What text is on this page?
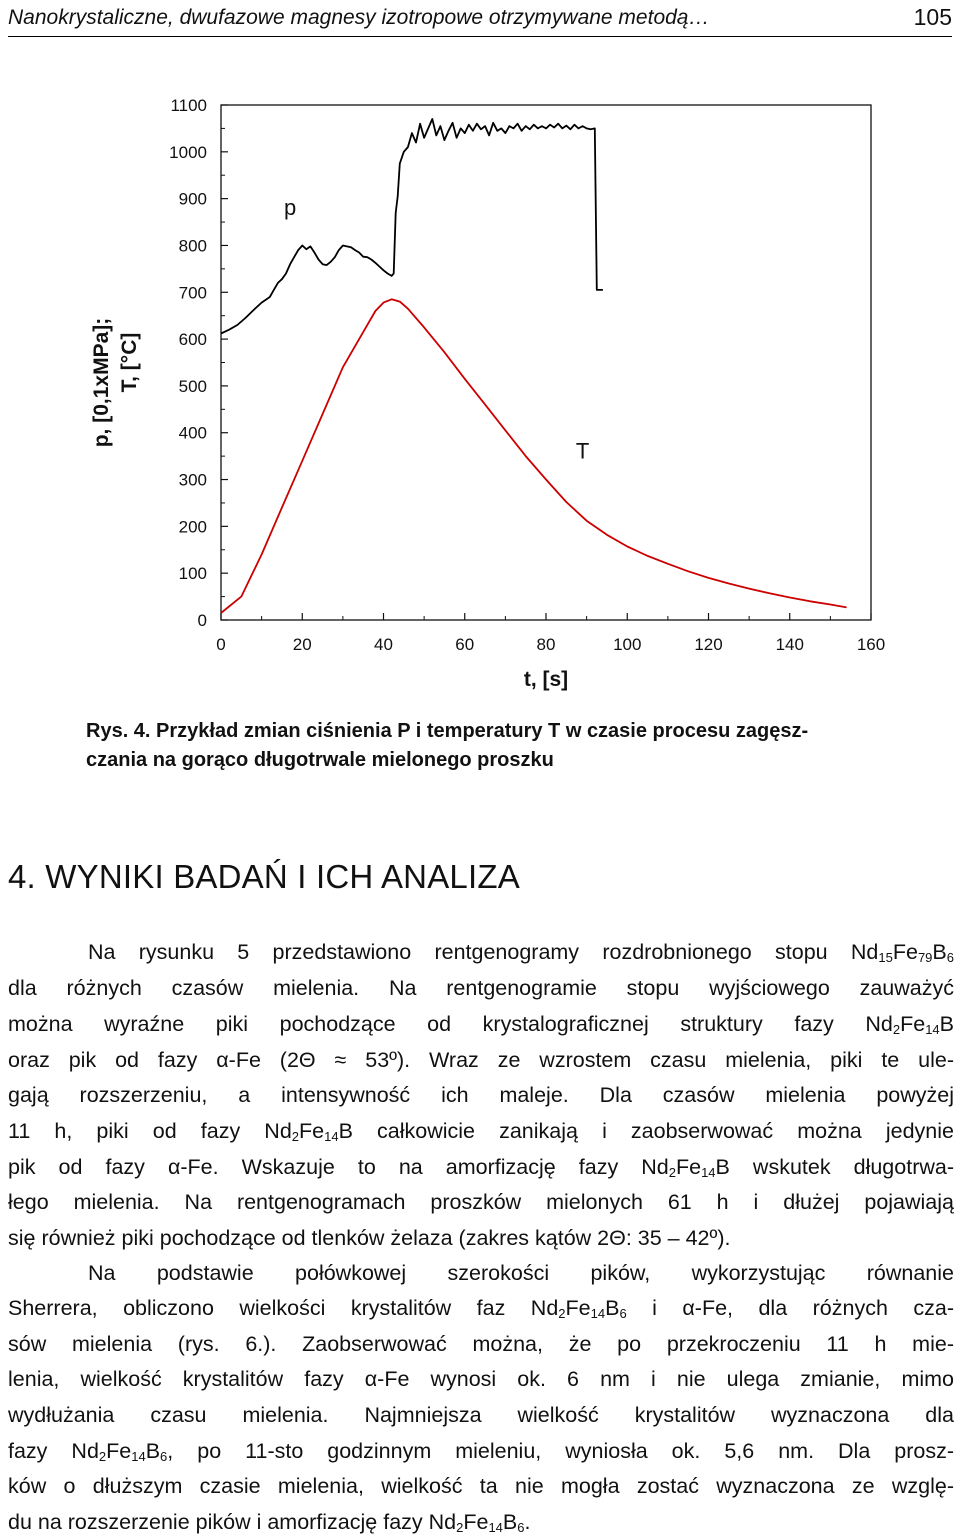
Nanokrystaliczne, dwufazowe magnesy izotropowe otrzymywane metodą…	105
0
100
200
300
400
500
600
700
800
900
1000
1100
0	20	40	60	80	100	120	140	160
p
T
t, [s]
p, [0,1xMPa]; T, [°C]
Rys. 4. Przykład zmian ciśnienia P i temperatury T w czasie procesu zagęsz-
czania na gorąco długotrwale mielonego proszku
4. WYNIKI BADAŃ I ICH ANALIZA
Na rysunku 5 przedstawiono rentgenogramy rozdrobnionego stopu $Nd_{15}Fe_{79}B_6$
dla różnych czasów mielenia. Na rentgenogramie stopu wyjściowego zauważyć
można wyraźne piki pochodzące od krystalograficznej struktury fazy $Nd_2Fe_{14}B$
oraz pik od fazy α-Fe (2Θ ≈ 53º). Wraz ze wzrostem czasu mielenia, piki te ule-
gają rozszerzeniu, a intensywność ich maleje. Dla czasów mielenia powyżej
11 h, piki od fazy $Nd_2Fe_{14}B$ całkowicie zanikają i zaobserwować można jedynie
pik od fazy α-Fe. Wskazuje to na amorfizację fazy $Nd_2Fe_{14}B$ wskutek długotrwa-
łego mielenia. Na rentgenogramach proszków mielonych 61 h i dłużej pojawiają
się również piki pochodzące od tlenków żelaza (zakres kątów 2Θ: 35 – 42º).
Na podstawie połówkowej szerokości pików, wykorzystując równanie
Sherrera, obliczono wielkości krystalitów faz $Nd_2Fe_{14}B_6$ i α-Fe, dla różnych cza-
sów mielenia (rys. 6.). Zaobserwować można, że po przekroczeniu 11 h mie-
lenia, wielkość krystalitów fazy α-Fe wynosi ok. 6 nm i nie ulega zmianie, mimo
wydłużania czasu mielenia. Najmniejsza wielkość krystalitów wyznaczona dla
fazy $Nd_2Fe_{14}B_6$, po 11-sto godzinnym mieleniu, wyniosła ok. 5,6 nm. Dla prosz-
ków o dłuższym czasie mielenia, wielkość ta nie mogła zostać wyznaczona ze wzglę-
du na rozszerzenie pików i amorfizację fazy $Nd_2Fe_{14}B_6$.
